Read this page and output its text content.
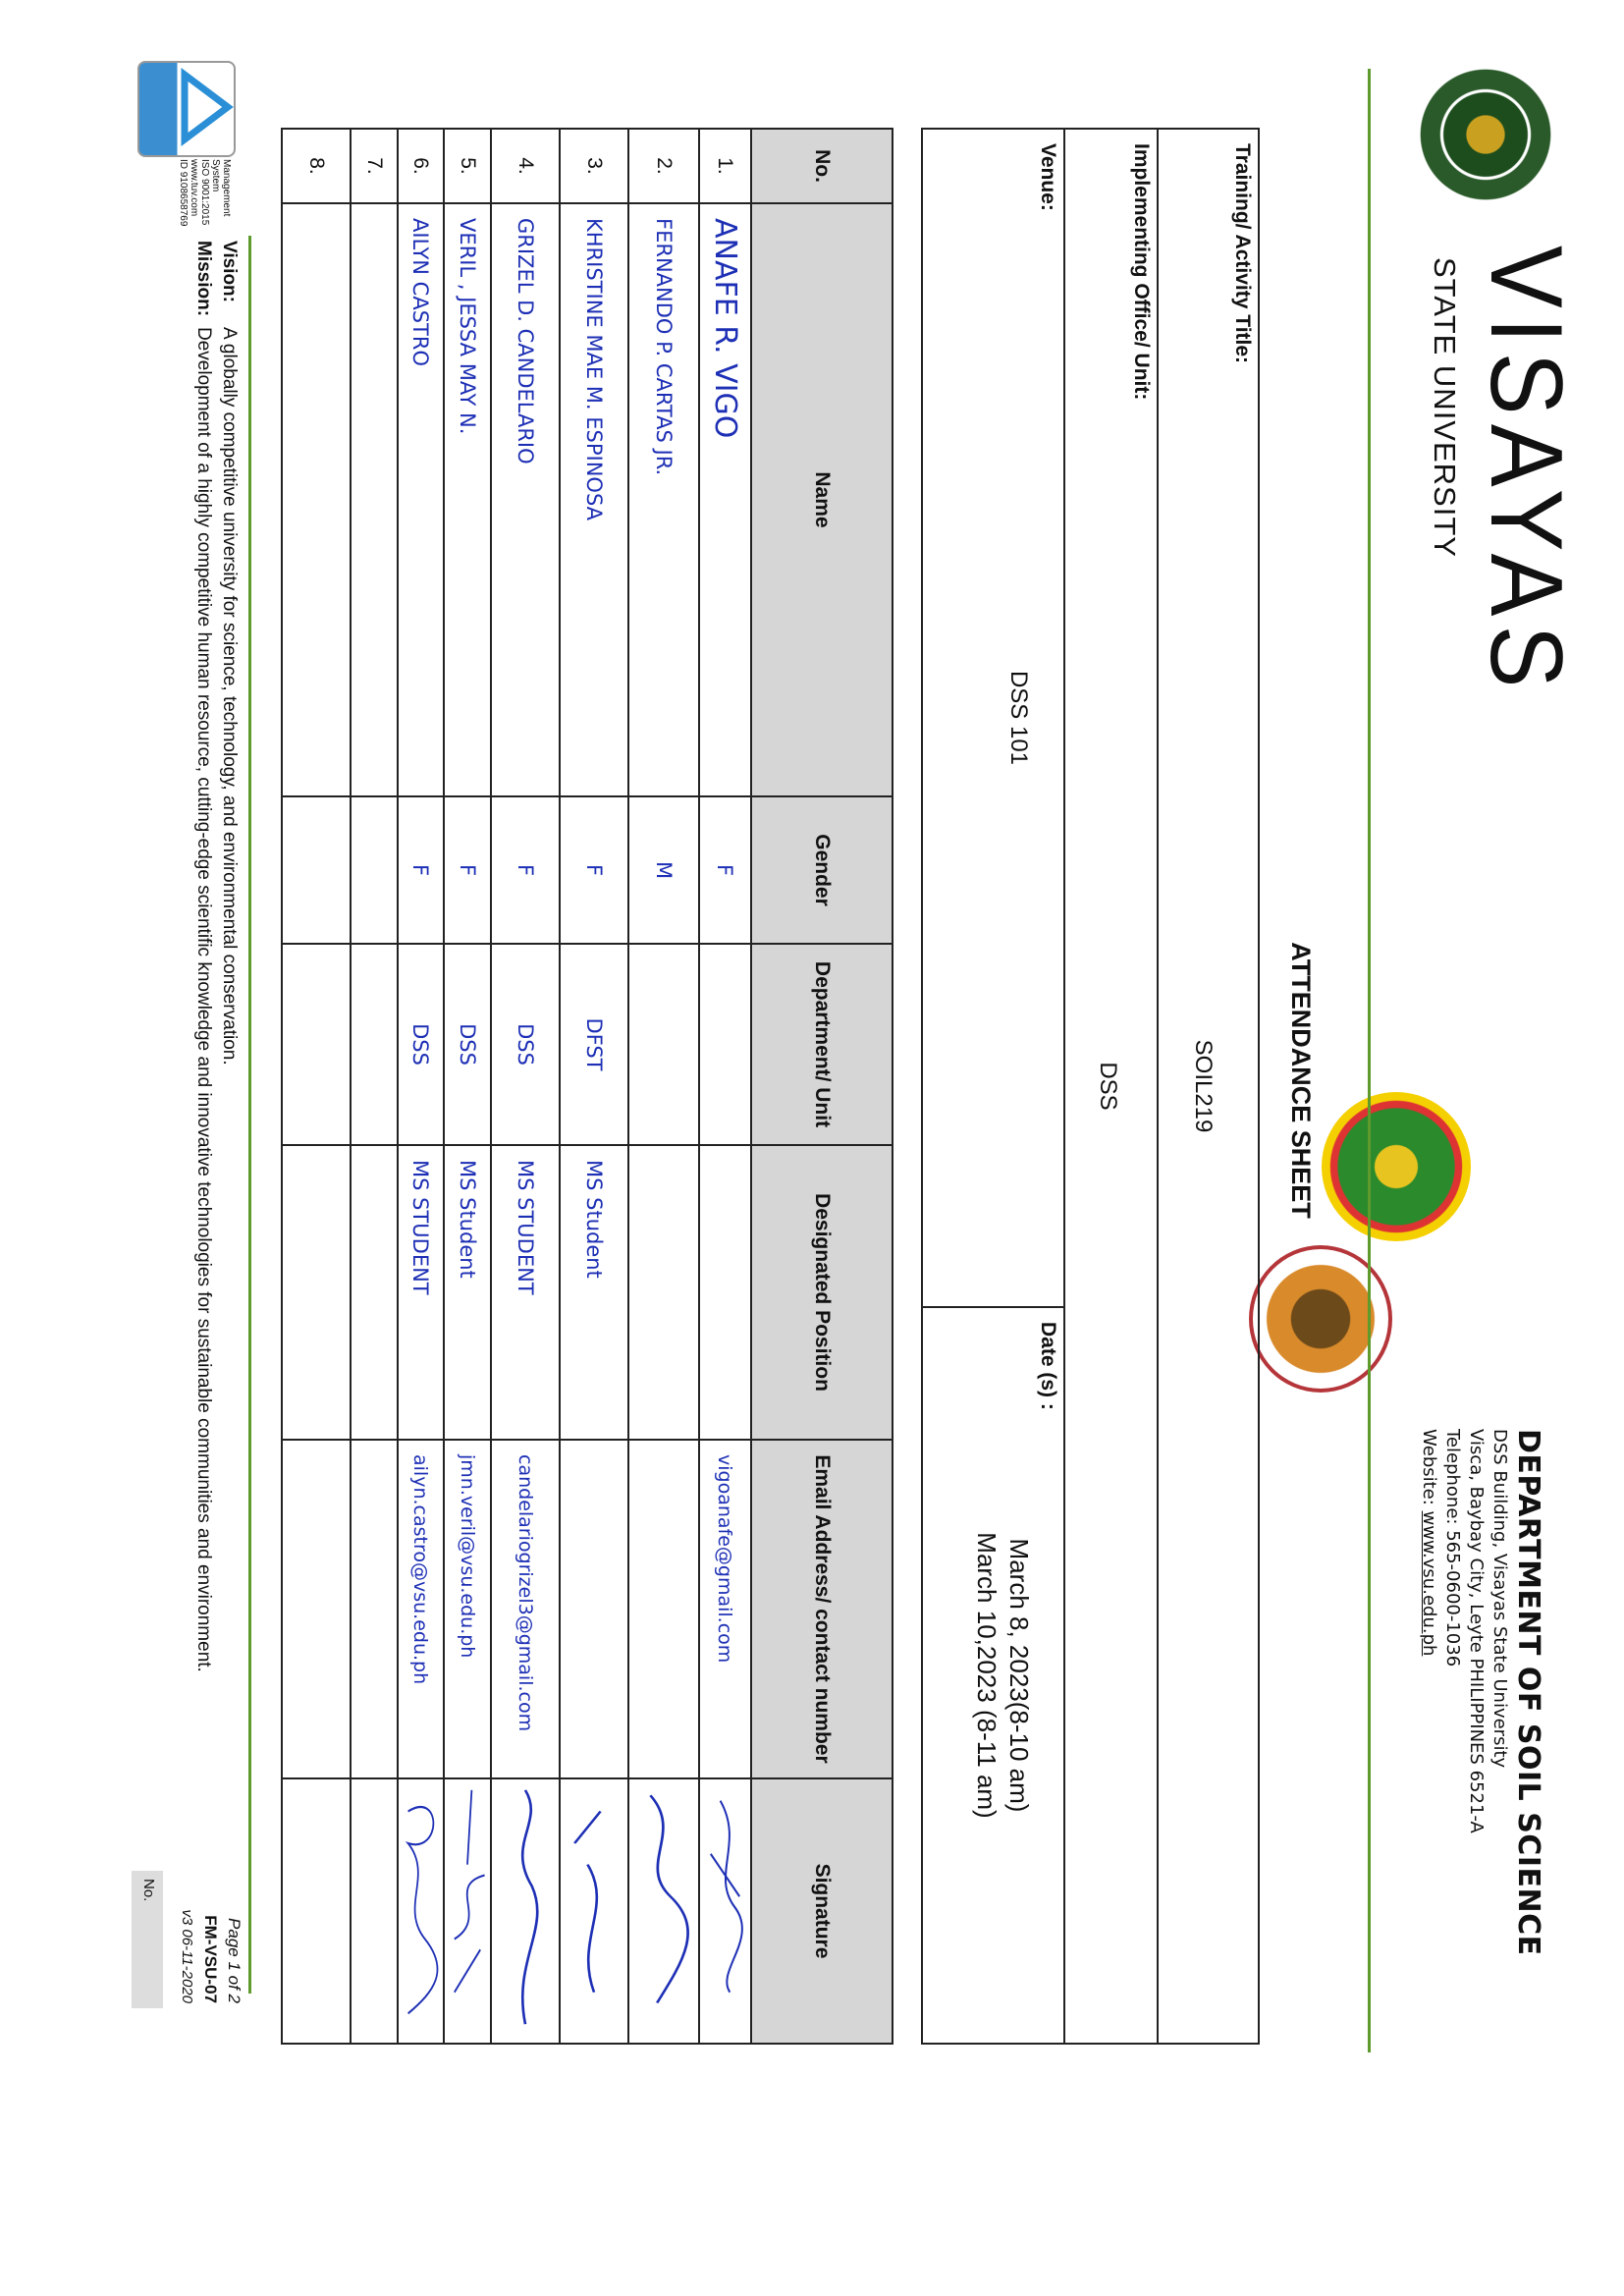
VISAYAS
STATE UNIVERSITY
DEPARTMENT OF SOIL SCIENCE
DSS Building, Visayas State University
Visca, Baybay City, Leyte PHILIPPINES 6521-A
Telephone: 565-0600-1036
Website: www.vsu.edu.ph
ATTENDANCE SHEET
Training/ Activity Title:
SOIL219

Implementing Office/ Unit:
DSS

Venue:
DSS 101
	Date (s) :
March 8, 2023(8-10 am)
March 10,2023 (8-11 am)
No.	Name	Gender	Department/ Unit	Designated Position	Email Address/ contact number	Signature
1.	ANAFE R. VIGO	F			vigoanafe@gmail.com	

2.	FERNANDO P. CARTAS JR.	M				

3.	KHRISTINE MAE M. ESPINOSA	F	DFST	MS Student		

4.	GRIZEL D. CANDELARIO	F	DSS	MS STUDENT	candelariogrizel3@gmail.com	

5.	VERIL , JESSA MAY N.	F	DSS	MS Student	jmn.veril@vsu.edu.ph	

6.	AILYN CASTRO	F	DSS	MS STUDENT	ailyn.castro@vsu.edu.ph	

7.						
8.						
Management
System
ISO 9001:2015
www.tuv.com
ID 9108658769
Vision:A globally competitive university for science, technology, and environmental conservation.
Mission:Development of a highly competitive human resource, cutting-edge scientific knowledge and innovative technologies for sustainable communities and environment.
Page 1 of 2
FM-VSU-07
v3 06-11-2020
No.
